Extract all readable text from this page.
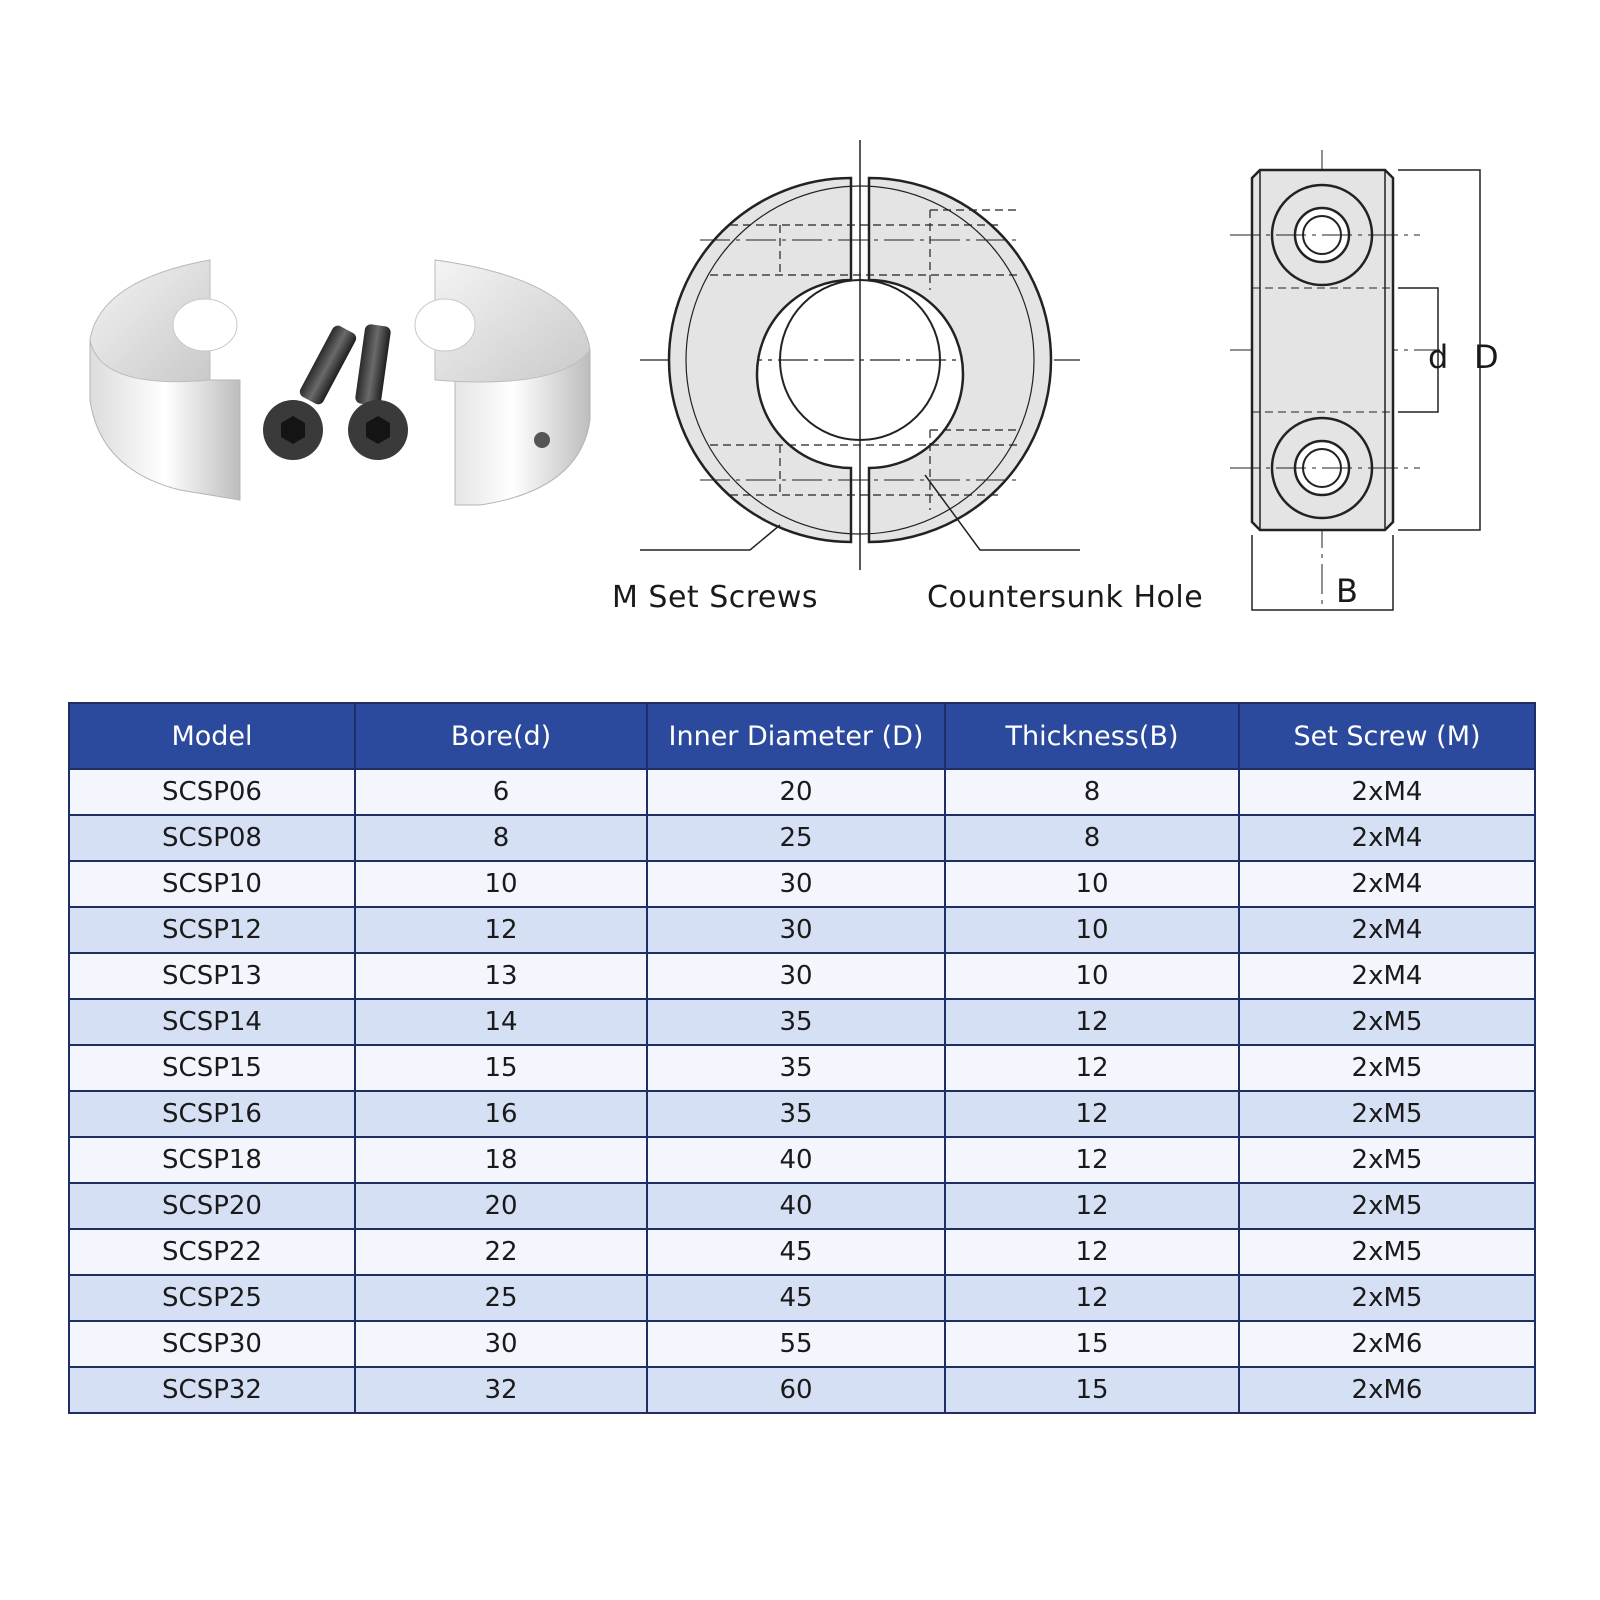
M Set Screws	Countersunk Hole
d D
B
Model	Bore(d)	Inner Diameter (D)	Thickness(B)	Set Screw (M)
SCSP06	6	20	8	2xM4
SCSP08	8	25	8	2xM4
SCSP10	10	30	10	2xM4
SCSP12	12	30	10	2xM4
SCSP13	13	30	10	2xM4
SCSP14	14	35	12	2xM5
SCSP15	15	35	12	2xM5
SCSP16	16	35	12	2xM5
SCSP18	18	40	12	2xM5
SCSP20	20	40	12	2xM5
SCSP22	22	45	12	2xM5
SCSP25	25	45	12	2xM5
SCSP30	30	55	15	2xM6
SCSP32	32	60	15	2xM6
